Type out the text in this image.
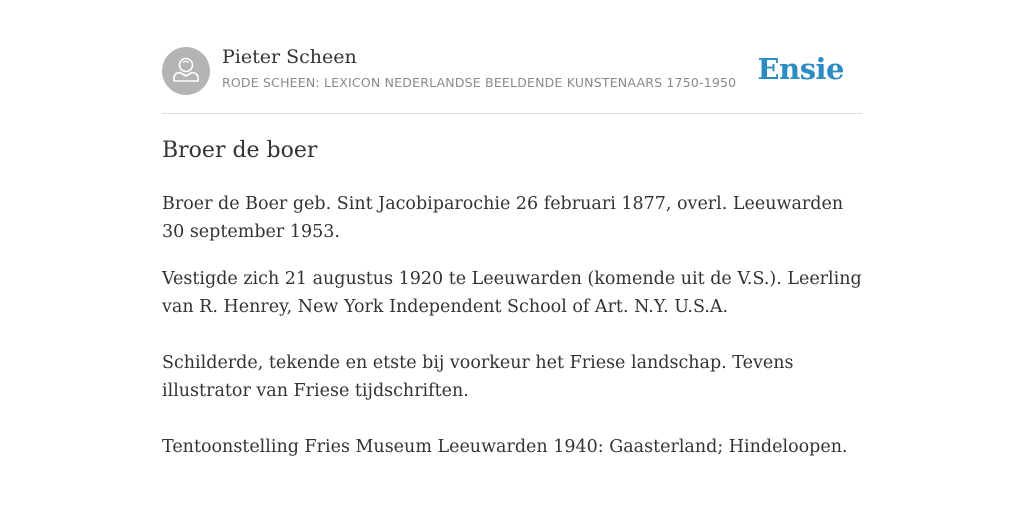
Pieter Scheen
RODE SCHEEN: LEXICON NEDERLANDSE BEELDENDE KUNSTENAARS 1750-1950 Ensie
Broer de boer

Broer de Boer geb. Sint Jacobiparochie 26 februari 1877, overl. Leeuwarden 30 september 1953.

Vestigde zich 21 augustus 1920 te Leeuwarden (komende uit de V.S.). Leerling van R. Henrey, New York Independent School of Art. N.Y. U.S.A.

Schilderde, tekende en etste bij voorkeur het Friese landschap. Tevens illustrator van Friese tijdschriften.

Tentoonstelling Fries Museum Leeuwarden 1940: Gaasterland; Hindeloopen.
